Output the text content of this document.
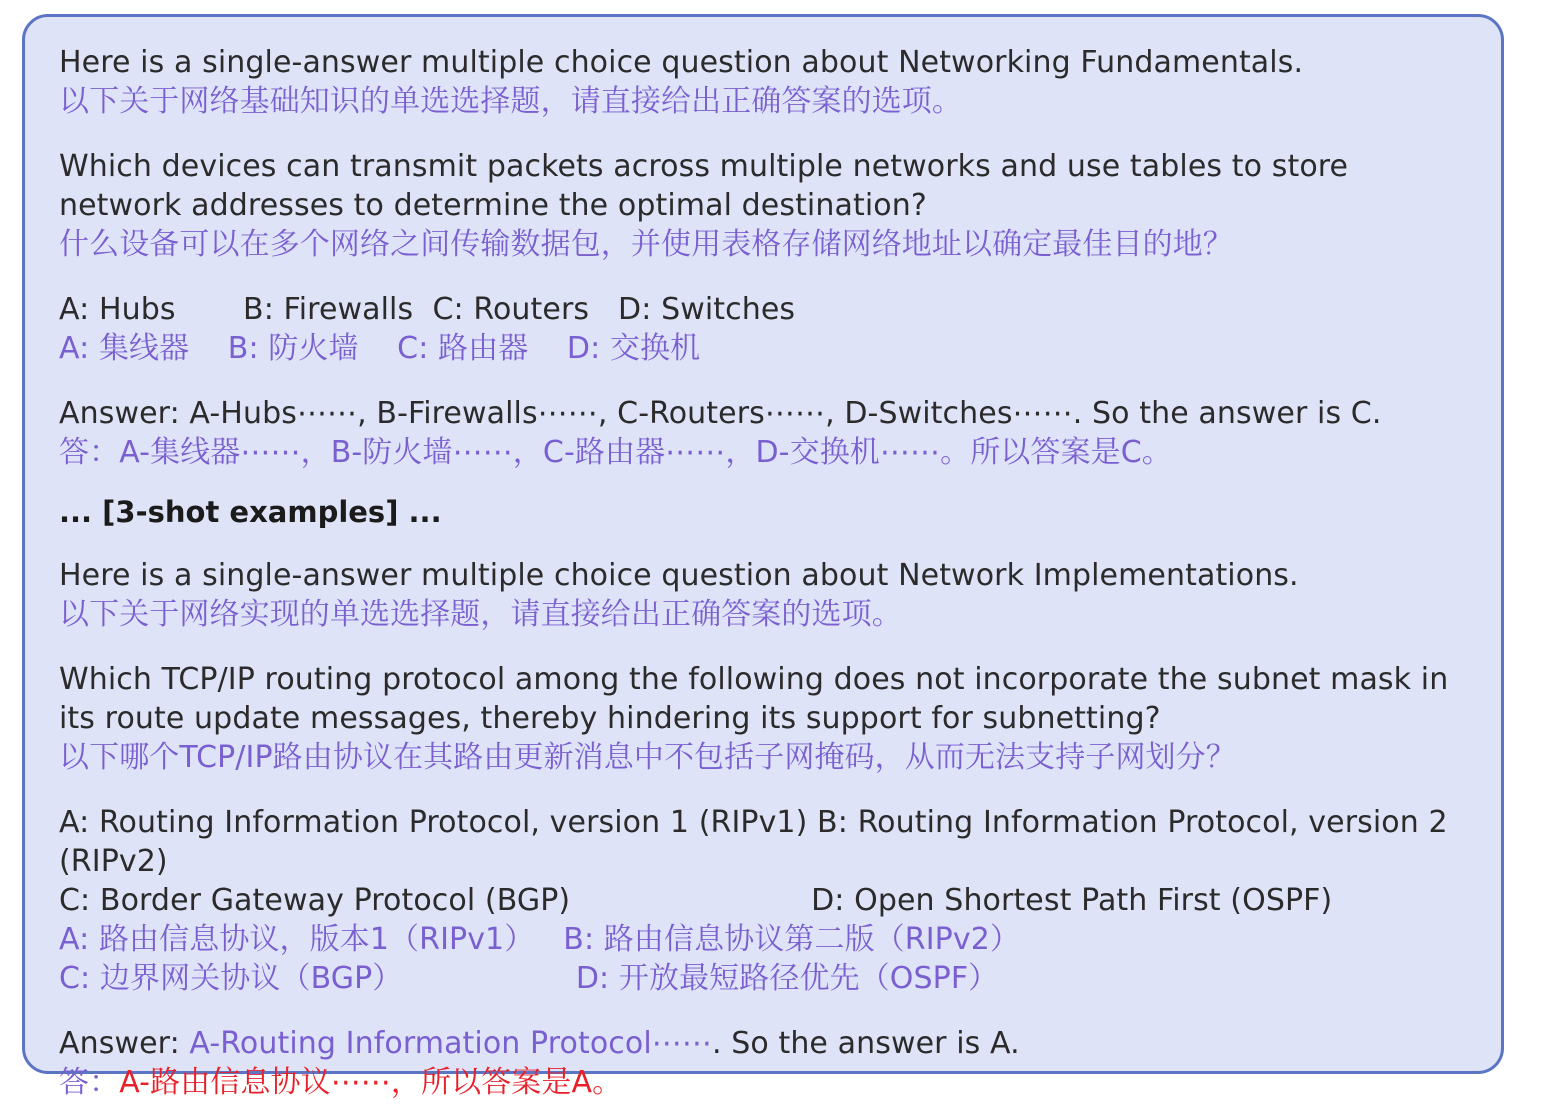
Here is a single-answer multiple choice question about Networking Fundamentals.
以下关于网络基础知识的单选选择题，请直接给出正确答案的选项。
Which devices can transmit packets across multiple networks and use tables to store network addresses to determine the optimal destination?
什么设备可以在多个网络之间传输数据包，并使用表格存储网络地址以确定最佳目的地？
A: Hubs       B: Firewalls  C: Routers   D: Switches
A: 集线器    B: 防火墙    C: 路由器    D: 交换机
Answer: A-Hubs⋯⋯, B-Firewalls⋯⋯, C-Routers⋯⋯, D-Switches⋯⋯. So the answer is C.
答：A-集线器⋯⋯，B-防火墙⋯⋯，C-路由器⋯⋯，D-交换机⋯⋯。所以答案是C。
... [3-shot examples] ...
Here is a single-answer multiple choice question about Network Implementations.
以下关于网络实现的单选选择题，请直接给出正确答案的选项。
Which TCP/IP routing protocol among the following does not incorporate the subnet mask in its route update messages, thereby hindering its support for subnetting?
以下哪个TCP/IP路由协议在其路由更新消息中不包括子网掩码，从而无法支持子网划分？
A: Routing Information Protocol, version 1 (RIPv1) B: Routing Information Protocol, version 2 (RIPv2)
C: Border Gateway Protocol (BGP)                         D: Open Shortest Path First (OSPF)
A: 路由信息协议，版本1（RIPv1）   B: 路由信息协议第二版（RIPv2）
C: 边界网关协议（BGP）                  D: 开放最短路径优先（OSPF）
Answer: A-Routing Information Protocol⋯⋯. So the answer is A.
答：A-路由信息协议⋯⋯，所以答案是A。
